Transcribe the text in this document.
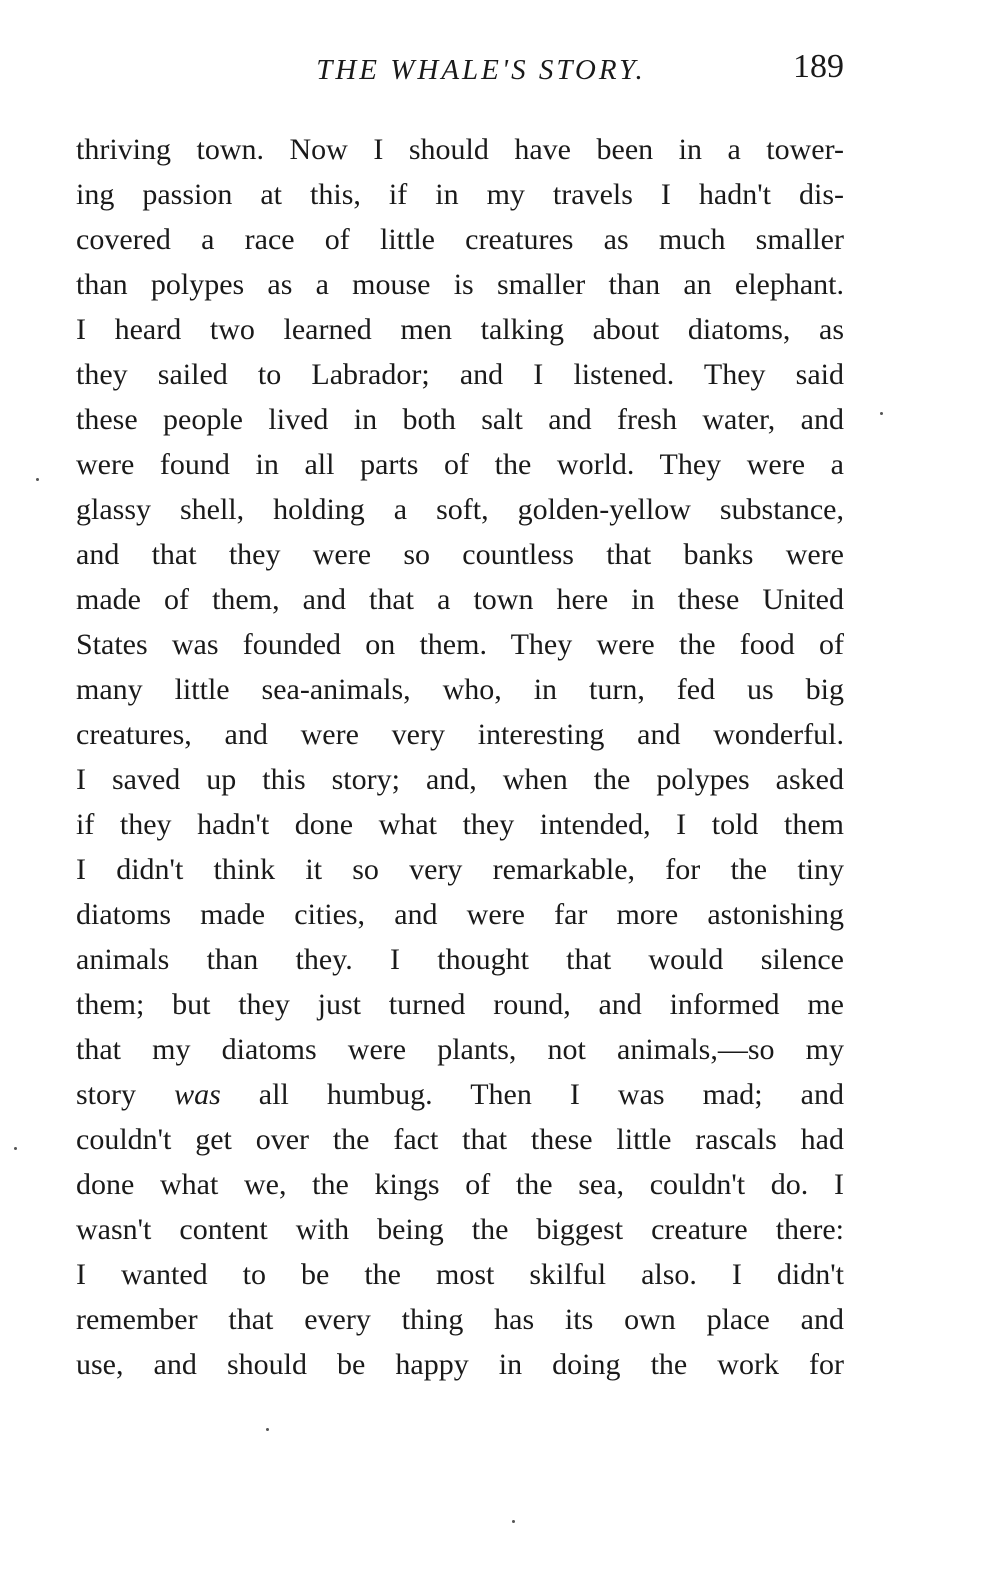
THE WHALE'S STORY.	189
thriving town. Now I should have been in a tower-
ing passion at this, if in my travels I hadn't dis-
covered a race of little creatures as much smaller
than polypes as a mouse is smaller than an elephant.
I heard two learned men talking about diatoms, as
they sailed to Labrador; and I listened. They said
these people lived in both salt and fresh water, and
were found in all parts of the world. They were a
glassy shell, holding a soft, golden-yellow substance,
and that they were so countless that banks were
made of them, and that a town here in these United
States was founded on them. They were the food of
many little sea-animals, who, in turn, fed us big
creatures, and were very interesting and wonderful.
I saved up this story; and, when the polypes asked
if they hadn't done what they intended, I told them
I didn't think it so very remarkable, for the tiny
diatoms made cities, and were far more astonishing
animals than they. I thought that would silence
them; but they just turned round, and informed me
that my diatoms were plants, not animals,—so my
story was all humbug. Then I was mad; and
couldn't get over the fact that these little rascals had
done what we, the kings of the sea, couldn't do. I
wasn't content with being the biggest creature there:
I wanted to be the most skilful also. I didn't
remember that every thing has its own place and
use, and should be happy in doing the work for
